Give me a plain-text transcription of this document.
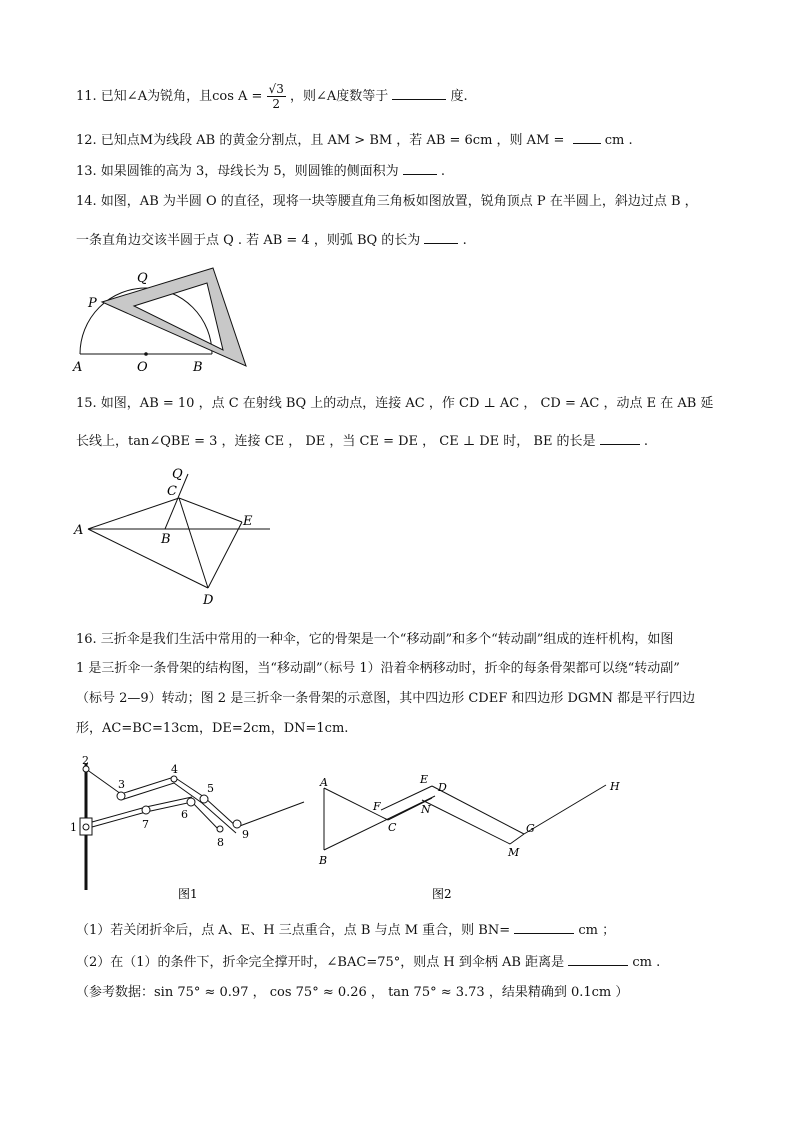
11. 已知∠A为锐角，且$\cos A = \frac{√3}{2}$ ，则∠A度数等于	度.
12. 已知点M为线段 AB 的黄金分割点，且 AM > BM ，若 AB = 6cm ，则 AM =	cm .
13. 如果圆锥的高为 3，母线长为 5，则圆锥的侧面积为	.
14. 如图，AB 为半圆 O 的直径，现将一块等腰直角三角板如图放置，锐角顶点 P 在半圆上，斜边过点 B ，
一条直角边交该半圆于点 Q . 若 AB = 4 ，则弧 BQ 的长为	.
Q
P
A	O	B
15. 如图，AB = 10 ，点 C 在射线 BQ 上的动点，连接 AC ，作 CD ⊥ AC ， CD = AC ，动点 E 在 AB 延
长线上，tan∠QBE = 3 ，连接 CE ， DE ，当 CE = DE ， CE ⊥ DE 时， BE 的长是	.
Q
C
A
B
E
D
16. 三折伞是我们生活中常用的一种伞，它的骨架是一个“移动副”和多个“转动副”组成的连杆机构，如图
1 是三折伞一条骨架的结构图，当“移动副”（标号 1）沿着伞柄移动时，折伞的每条骨架都可以绕“转动副”
（标号 2—9）转动；图 2 是三折伞一条骨架的示意图，其中四边形 CDEF 和四边形 DGMN 都是平行四边
形，AC=BC=13cm，DE=2cm，DN=1cm.
1
2
3
4
5
6
7
8
9
图1
A
B
C
F
E
D
N
G
M
H
图2
（1）若关闭折伞后，点 A、E、H 三点重合，点 B 与点 M 重合，则 BN=	cm ；
（2）在（1）的条件下，折伞完全撑开时，∠BAC=75°，则点 H 到伞柄 AB 距离是	cm .
（参考数据：sin 75° ≈ 0.97 ， cos 75° ≈ 0.26 ， tan 75° ≈ 3.73 ，结果精确到 0.1cm ）
